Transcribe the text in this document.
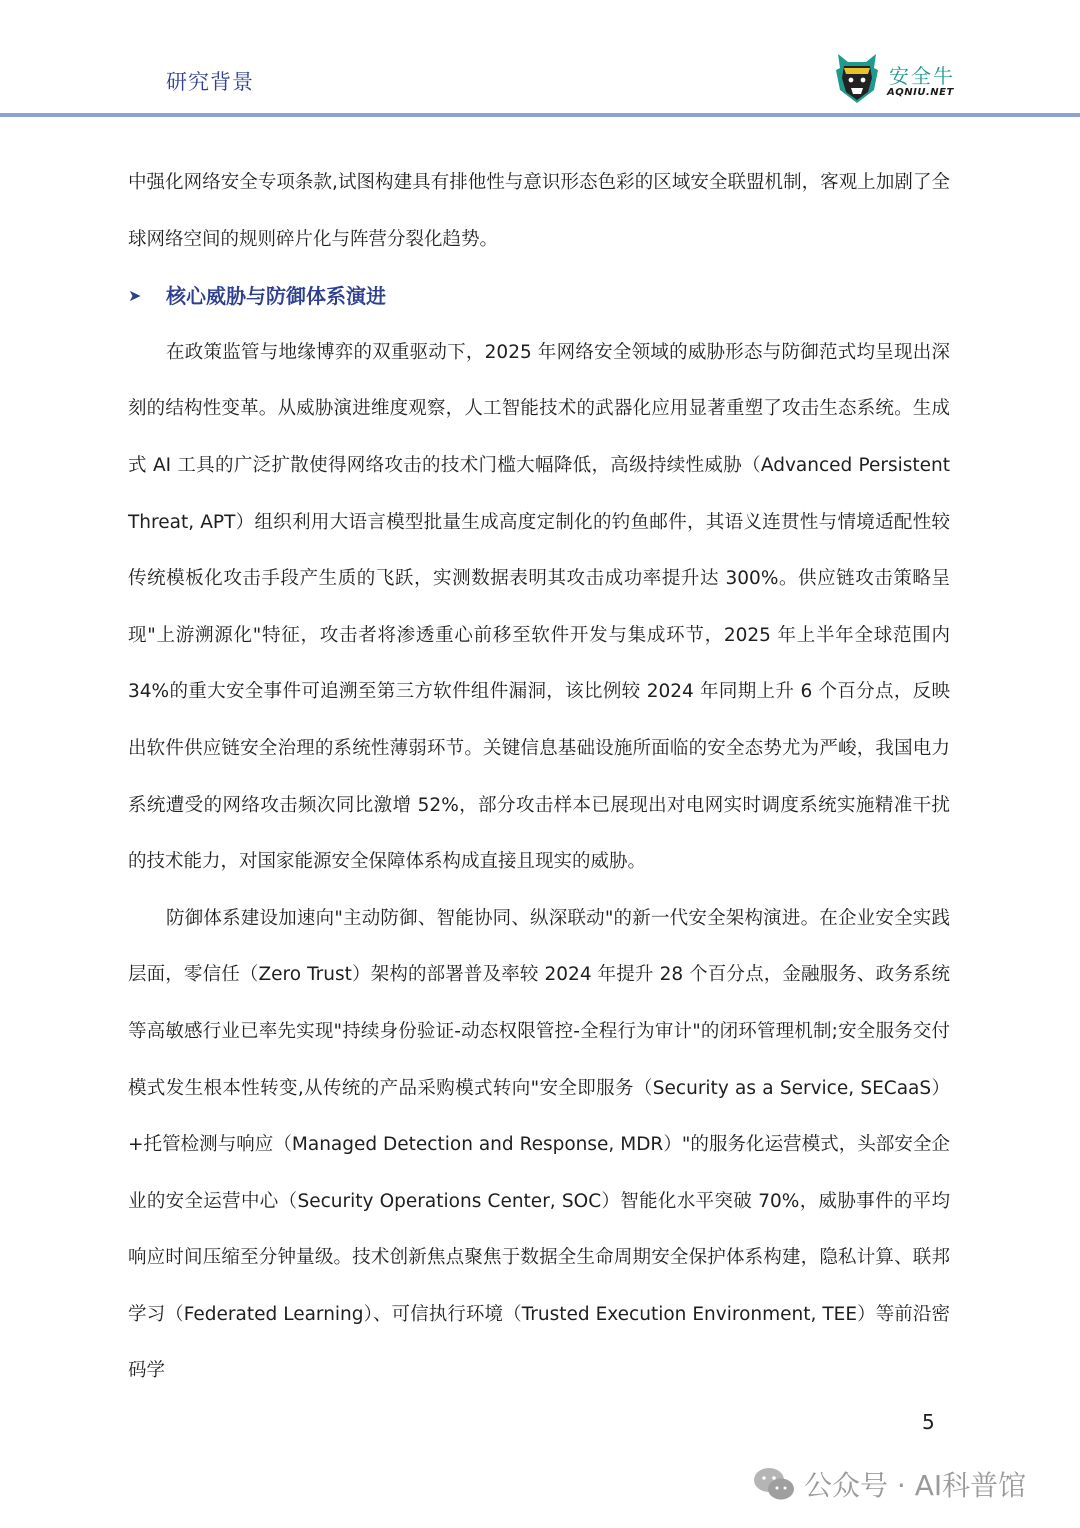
研究背景	安全牛
AQNIU.NET

中强化网络安全专项条款,试图构建具有排他性与意识形态色彩的区域安全联盟机制，客观上加剧了全球网络空间的规则碎片化与阵营分裂化趋势。

➤ 核心威胁与防御体系演进

在政策监管与地缘博弈的双重驱动下，2025 年网络安全领域的威胁形态与防御范式均呈现出深刻的结构性变革。从威胁演进维度观察，人工智能技术的武器化应用显著重塑了攻击生态系统。生成式 AI 工具的广泛扩散使得网络攻击的技术门槛大幅降低，高级持续性威胁（Advanced Persistent Threat, APT）组织利用大语言模型批量生成高度定制化的钓鱼邮件，其语义连贯性与情境适配性较传统模板化攻击手段产生质的飞跃，实测数据表明其攻击成功率提升达 300%。供应链攻击策略呈现"上游溯源化"特征，攻击者将渗透重心前移至软件开发与集成环节，2025 年上半年全球范围内 34%的重大安全事件可追溯至第三方软件组件漏洞，该比例较 2024 年同期上升 6 个百分点，反映出软件供应链安全治理的系统性薄弱环节。关键信息基础设施所面临的安全态势尤为严峻，我国电力系统遭受的网络攻击频次同比激增 52%，部分攻击样本已展现出对电网实时调度系统实施精准干扰的技术能力，对国家能源安全保障体系构成直接且现实的威胁。

防御体系建设加速向"主动防御、智能协同、纵深联动"的新一代安全架构演进。在企业安全实践层面，零信任（Zero Trust）架构的部署普及率较 2024 年提升 28 个百分点，金融服务、政务系统等高敏感行业已率先实现"持续身份验证-动态权限管控-全程行为审计"的闭环管理机制;安全服务交付模式发生根本性转变,从传统的产品采购模式转向"安全即服务（Security as a Service, SECaaS）+托管检测与响应（Managed Detection and Response, MDR）"的服务化运营模式，头部安全企业的安全运营中心（Security Operations Center, SOC）智能化水平突破 70%，威胁事件的平均响应时间压缩至分钟量级。技术创新焦点聚焦于数据全生命周期安全保护体系构建，隐私计算、联邦学习（Federated Learning）、可信执行环境（Trusted Execution Environment, TEE）等前沿密码学

5
公众号 · AI科普馆
